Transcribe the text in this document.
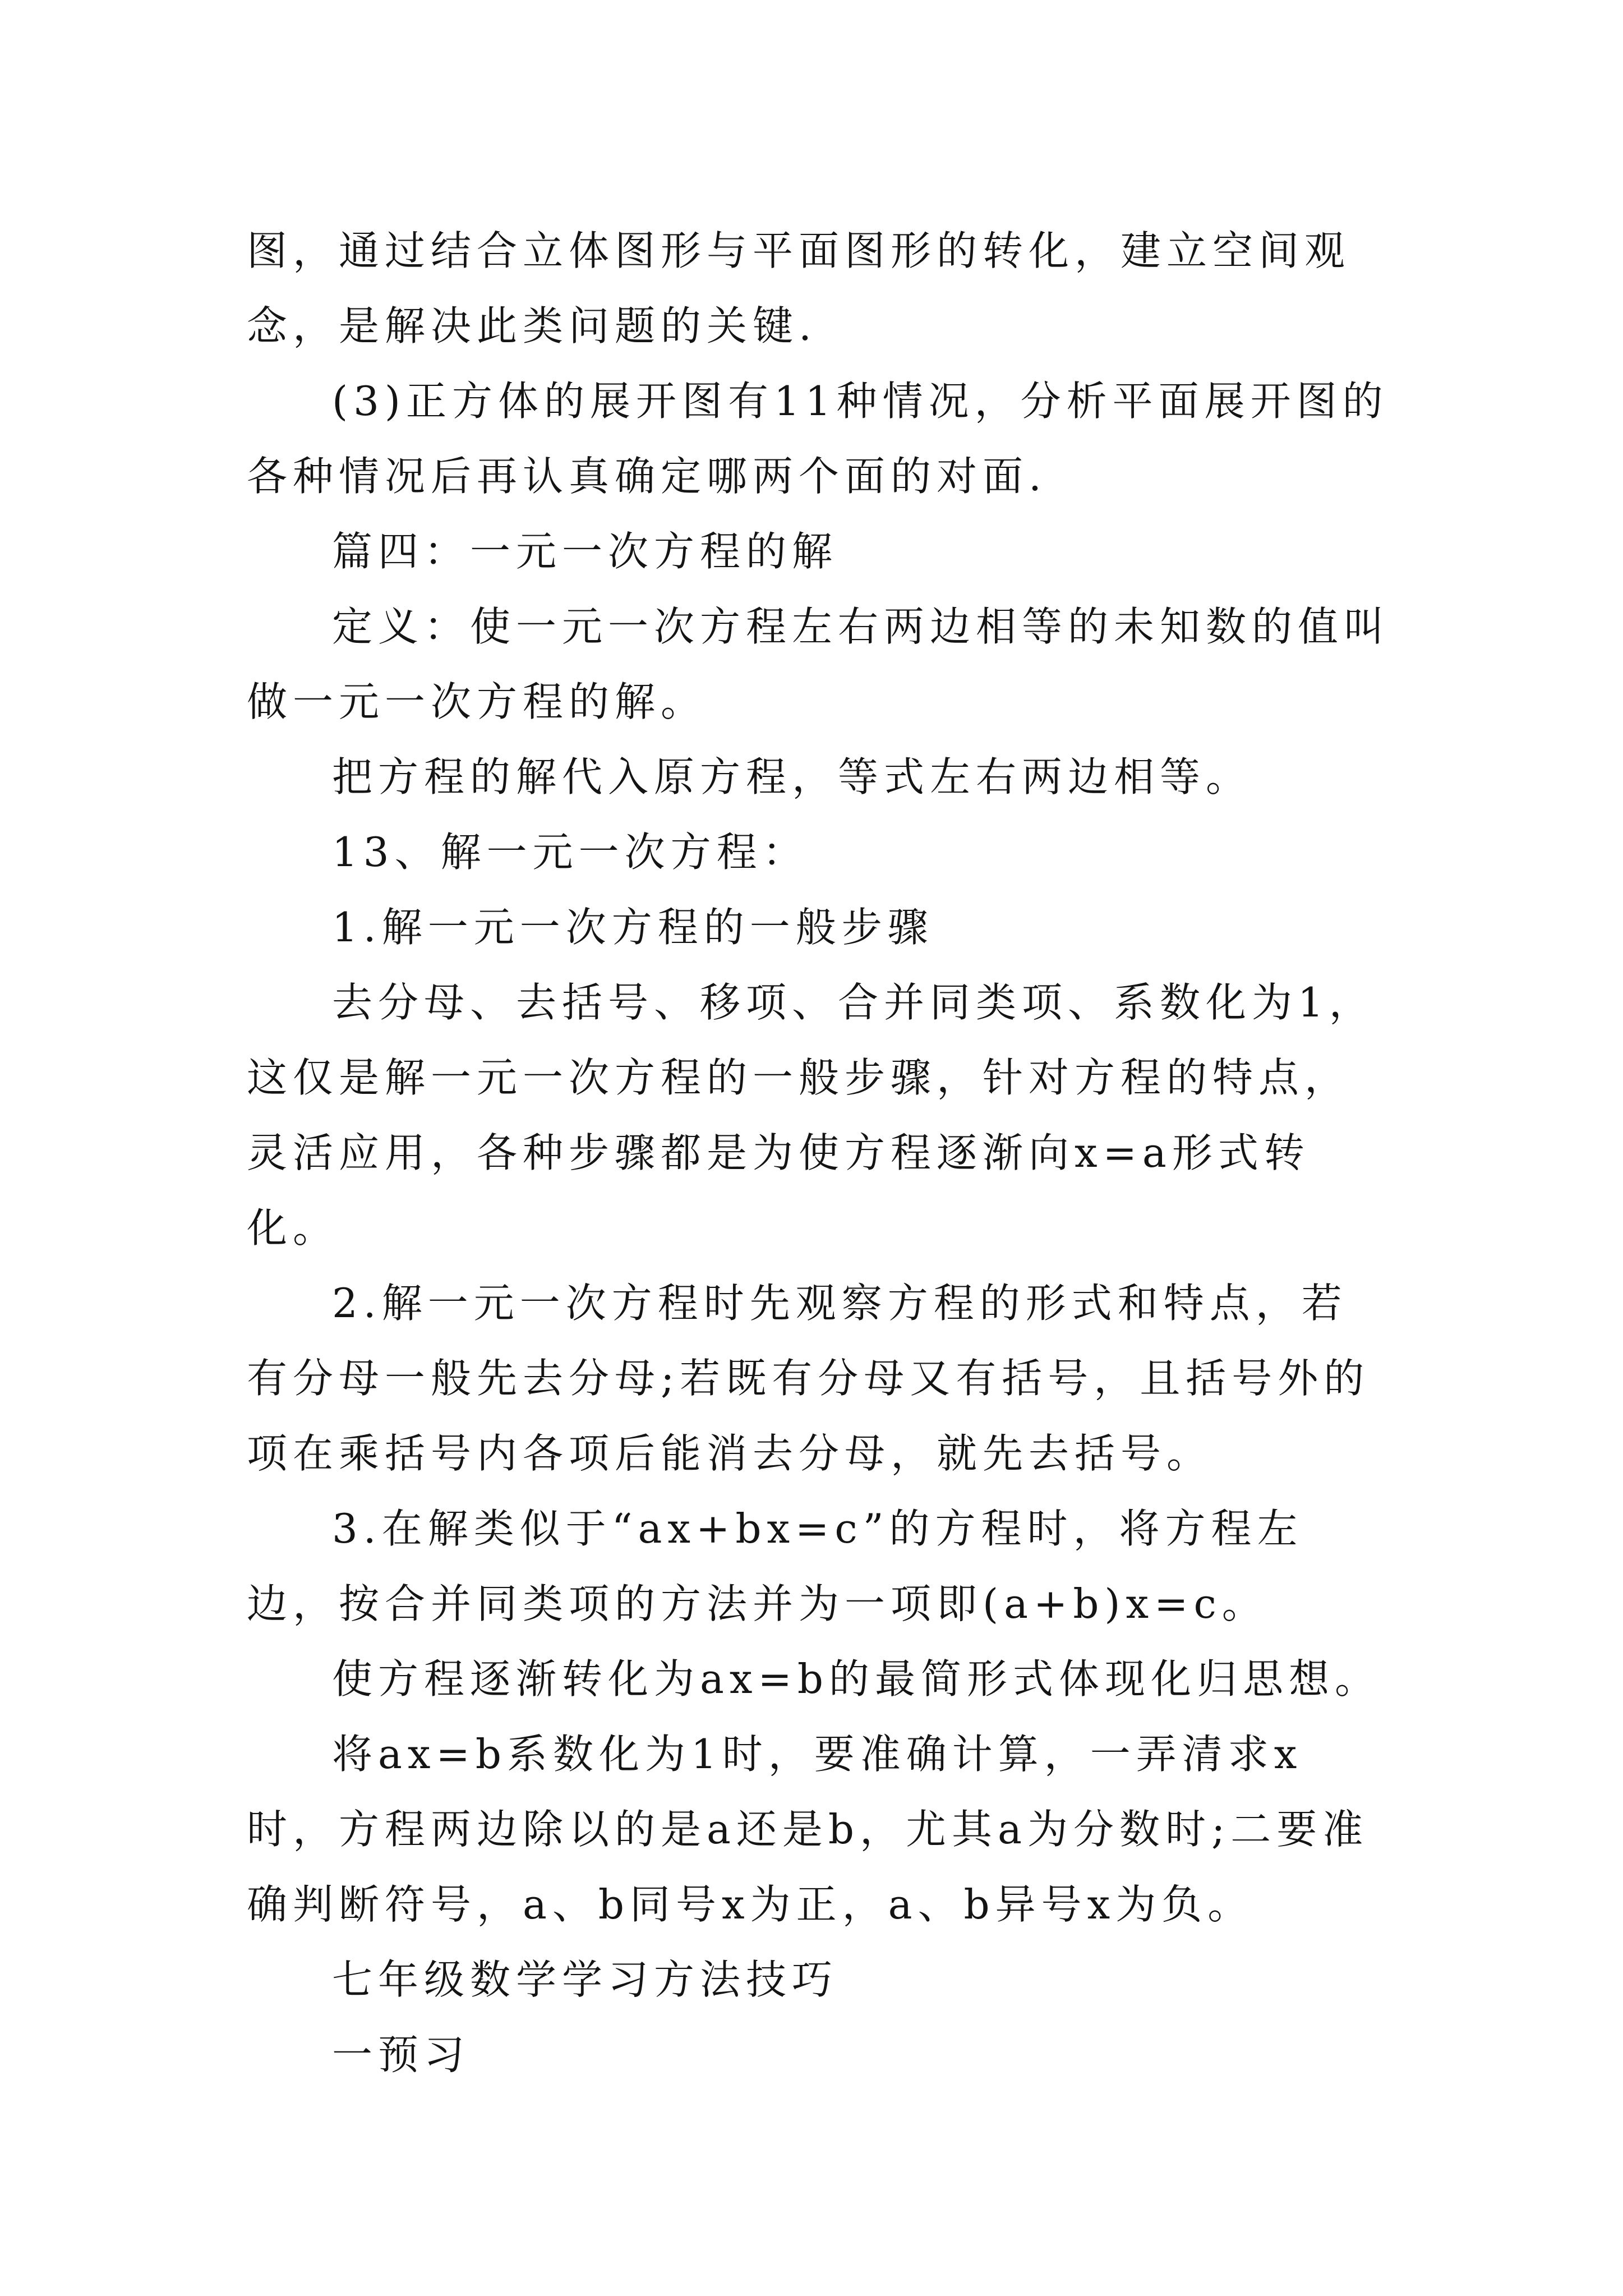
图，通过结合立体图形与平面图形的转化，建立空间观念，是解决此类问题的关键.

(3)正方体的展开图有11种情况，分析平面展开图的各种情况后再认真确定哪两个面的对面.

篇四：一元一次方程的解

定义：使一元一次方程左右两边相等的未知数的值叫做一元一次方程的解。

把方程的解代入原方程，等式左右两边相等。

13、解一元一次方程：

1.解一元一次方程的一般步骤

去分母、去括号、移项、合并同类项、系数化为1，这仅是解一元一次方程的一般步骤，针对方程的特点，灵活应用，各种步骤都是为使方程逐渐向x=a形式转化。

2.解一元一次方程时先观察方程的形式和特点，若有分母一般先去分母;若既有分母又有括号，且括号外的项在乘括号内各项后能消去分母，就先去括号。

3.在解类似于“ax+bx=c”的方程时，将方程左边，按合并同类项的方法并为一项即(a+b)x=c。

使方程逐渐转化为ax=b的最简形式体现化归思想。

将ax=b系数化为1时，要准确计算，一弄清求x时，方程两边除以的是a还是b，尤其a为分数时;二要准确判断符号，a、b同号x为正，a、b异号x为负。

七年级数学学习方法技巧

一预习
